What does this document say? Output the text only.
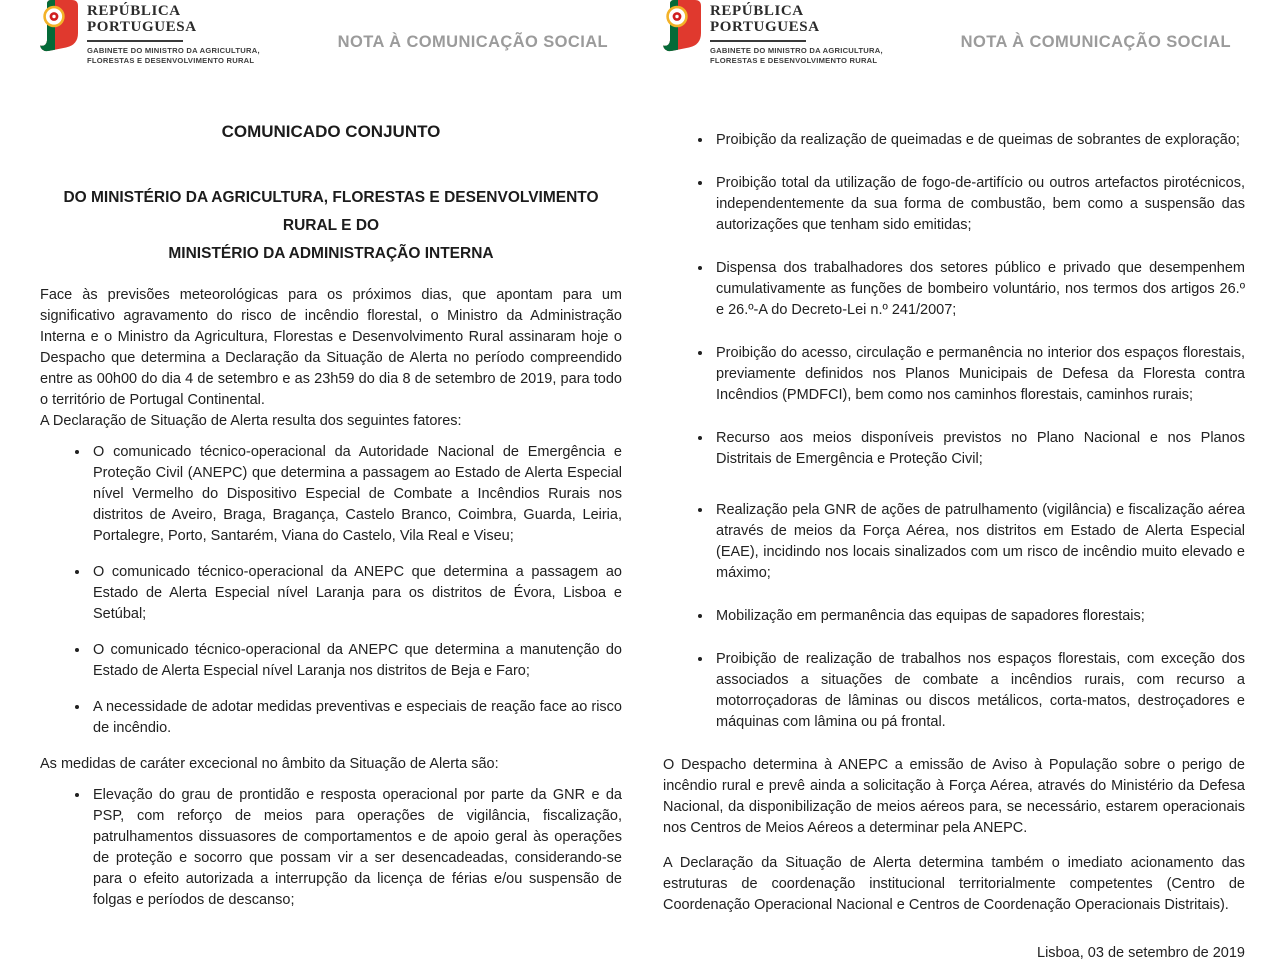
REPÚBLICA
PORTUGUESA
GABINETE DO MINISTRO DA AGRICULTURA,
FLORESTAS E DESENVOLVIMENTO RURAL
NOTA À COMUNICAÇÃO SOCIAL
COMUNICADO CONJUNTO
DO MINISTÉRIO DA AGRICULTURA, FLORESTAS E DESENVOLVIMENTO
RURAL E DO
MINISTÉRIO DA ADMINISTRAÇÃO INTERNA
Face às previsões meteorológicas para os próximos dias, que apontam para um significativo agravamento do risco de incêndio florestal, o Ministro da Administração Interna e o Ministro da Agricultura, Florestas e Desenvolvimento Rural assinaram hoje o Despacho que determina a Declaração da Situação de Alerta no período compreendido entre as 00h00 do dia 4 de setembro e as 23h59 do dia 8 de setembro de 2019, para todo o território de Portugal Continental.
A Declaração de Situação de Alerta resulta dos seguintes fatores:
• O comunicado técnico-operacional da Autoridade Nacional de Emergência e Proteção Civil (ANEPC) que determina a passagem ao Estado de Alerta Especial nível Vermelho do Dispositivo Especial de Combate a Incêndios Rurais nos distritos de Aveiro, Braga, Bragança, Castelo Branco, Coimbra, Guarda, Leiria, Portalegre, Porto, Santarém, Viana do Castelo, Vila Real e Viseu;
• O comunicado técnico-operacional da ANEPC que determina a passagem ao Estado de Alerta Especial nível Laranja para os distritos de Évora, Lisboa e Setúbal;
• O comunicado técnico-operacional da ANEPC que determina a manutenção do Estado de Alerta Especial nível Laranja nos distritos de Beja e Faro;
• A necessidade de adotar medidas preventivas e especiais de reação face ao risco de incêndio.
As medidas de caráter excecional no âmbito da Situação de Alerta são:
• Elevação do grau de prontidão e resposta operacional por parte da GNR e da PSP, com reforço de meios para operações de vigilância, fiscalização, patrulhamentos dissuasores de comportamentos e de apoio geral às operações de proteção e socorro que possam vir a ser desencadeadas, considerando-se para o efeito autorizada a interrupção da licença de férias e/ou suspensão de folgas e períodos de descanso;
REPÚBLICA
PORTUGUESA
GABINETE DO MINISTRO DA AGRICULTURA,
FLORESTAS E DESENVOLVIMENTO RURAL
NOTA À COMUNICAÇÃO SOCIAL
• Proibição da realização de queimadas e de queimas de sobrantes de exploração;
• Proibição total da utilização de fogo-de-artifício ou outros artefactos pirotécnicos, independentemente da sua forma de combustão, bem como a suspensão das autorizações que tenham sido emitidas;
• Dispensa dos trabalhadores dos setores público e privado que desempenhem cumulativamente as funções de bombeiro voluntário, nos termos dos artigos 26.º e 26.º-A do Decreto-Lei n.º 241/2007;
• Proibição do acesso, circulação e permanência no interior dos espaços florestais, previamente definidos nos Planos Municipais de Defesa da Floresta contra Incêndios (PMDFCI), bem como nos caminhos florestais, caminhos rurais;
• Recurso aos meios disponíveis previstos no Plano Nacional e nos Planos Distritais de Emergência e Proteção Civil;
• Realização pela GNR de ações de patrulhamento (vigilância) e fiscalização aérea através de meios da Força Aérea, nos distritos em Estado de Alerta Especial (EAE), incidindo nos locais sinalizados com um risco de incêndio muito elevado e máximo;
• Mobilização em permanência das equipas de sapadores florestais;
• Proibição de realização de trabalhos nos espaços florestais, com exceção dos associados a situações de combate a incêndios rurais, com recurso a motorroçadoras de lâminas ou discos metálicos, corta-matos, destroçadores e máquinas com lâmina ou pá frontal.
O Despacho determina à ANEPC a emissão de Aviso à População sobre o perigo de incêndio rural e prevê ainda a solicitação à Força Aérea, através do Ministério da Defesa Nacional, da disponibilização de meios aéreos para, se necessário, estarem operacionais nos Centros de Meios Aéreos a determinar pela ANEPC.
A Declaração da Situação de Alerta determina também o imediato acionamento das estruturas de coordenação institucional territorialmente competentes (Centro de Coordenação Operacional Nacional e Centros de Coordenação Operacionais Distritais).
Lisboa, 03 de setembro de 2019
